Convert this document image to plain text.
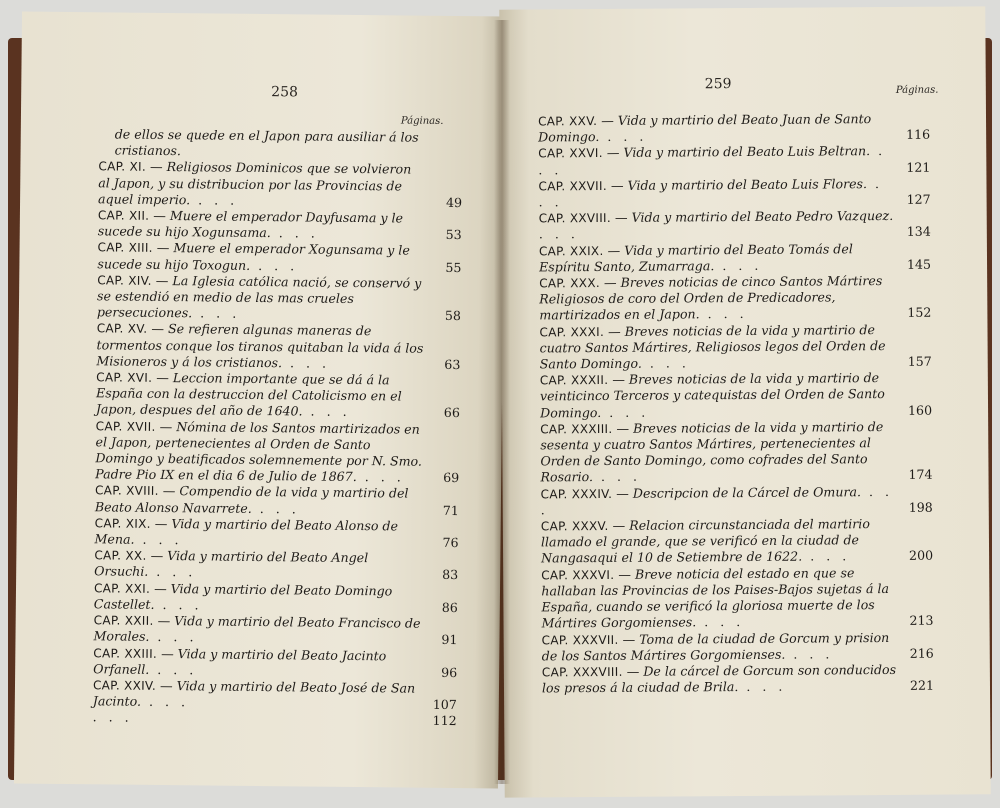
258
Páginas.
de ellos se quede en el Japon para ausiliar á los cristianos.
CAP. XI. — Religiosos Dominicos que se volvieron al Japon, y su distribucion por las Provincias de aquel imperio. . . .	49
CAP. XII. — Muere el emperador Dayfusama y le sucede su hijo Xogunsama. . . .	53
CAP. XIII. — Muere el emperador Xogunsama y le sucede su hijo Toxogun. . . .	55
CAP. XIV. — La Iglesia católica nació, se conservó y se estendió en medio de las mas crueles persecuciones. . . .	58
CAP. XV. — Se refieren algunas maneras de tormentos conque los tiranos quitaban la vida á los Misioneros y á los cristianos. . . .	63
CAP. XVI. — Leccion importante que se dá á la España con la destruccion del Catolicismo en el Japon, despues del año de 1640. . . .	66
CAP. XVII. — Nómina de los Santos martirizados en el Japon, pertenecientes al Orden de Santo Domingo y beatificados solemnemente por N. Smo. Padre Pio IX en el dia 6 de Julio de 1867. . . .	69
CAP. XVIII. — Compendio de la vida y martirio del Beato Alonso Navarrete. . . .	71
CAP. XIX. — Vida y martirio del Beato Alonso de Mena. . . .	76
CAP. XX. — Vida y martirio del Beato Angel Orsuchi. . . .	83
CAP. XXI. — Vida y martirio del Beato Domingo Castellet. . . .	86
CAP. XXII. — Vida y martirio del Beato Francisco de Morales. . . .	91
CAP. XXIII. — Vida y martirio del Beato Jacinto Orfanell. . . .	96
CAP. XXIV. — Vida y martirio del Beato José de San Jacinto. . . .	107
. . .	112
259	Páginas.
CAP. XXV. — Vida y martirio del Beato Juan de Santo Domingo. . . .	116
CAP. XXVI. — Vida y martirio del Beato Luis Beltran. . . .	121
CAP. XXVII. — Vida y martirio del Beato Luis Flores. . . .	127
CAP. XXVIII. — Vida y martirio del Beato Pedro Vazquez. . . .	134
CAP. XXIX. — Vida y martirio del Beato Tomás del Espíritu Santo, Zumarraga. . . .	145
CAP. XXX. — Breves noticias de cinco Santos Mártires Religiosos de coro del Orden de Predicadores, martirizados en el Japon. . . .	152
CAP. XXXI. — Breves noticias de la vida y martirio de cuatro Santos Mártires, Religiosos legos del Orden de Santo Domingo. . . .	157
CAP. XXXII. — Breves noticias de la vida y martirio de veinticinco Terceros y catequistas del Orden de Santo Domingo. . . .	160
CAP. XXXIII. — Breves noticias de la vida y martirio de sesenta y cuatro Santos Mártires, pertenecientes al Orden de Santo Domingo, como cofrades del Santo Rosario. . . .	174
CAP. XXXIV. — Descripcion de la Cárcel de Omura. . . .	198
CAP. XXXV. — Relacion circunstanciada del martirio llamado el grande, que se verificó en la ciudad de Nangasaqui el 10 de Setiembre de 1622. . . .	200
CAP. XXXVI. — Breve noticia del estado en que se hallaban las Provincias de los Paises-Bajos sujetas á la España, cuando se verificó la gloriosa muerte de los Mártires Gorgomienses. . . .	213
CAP. XXXVII. — Toma de la ciudad de Gorcum y prision de los Santos Mártires Gorgomienses. . . .	216
CAP. XXXVIII. — De la cárcel de Gorcum son conducidos los presos á la ciudad de Brila. . . .	221
